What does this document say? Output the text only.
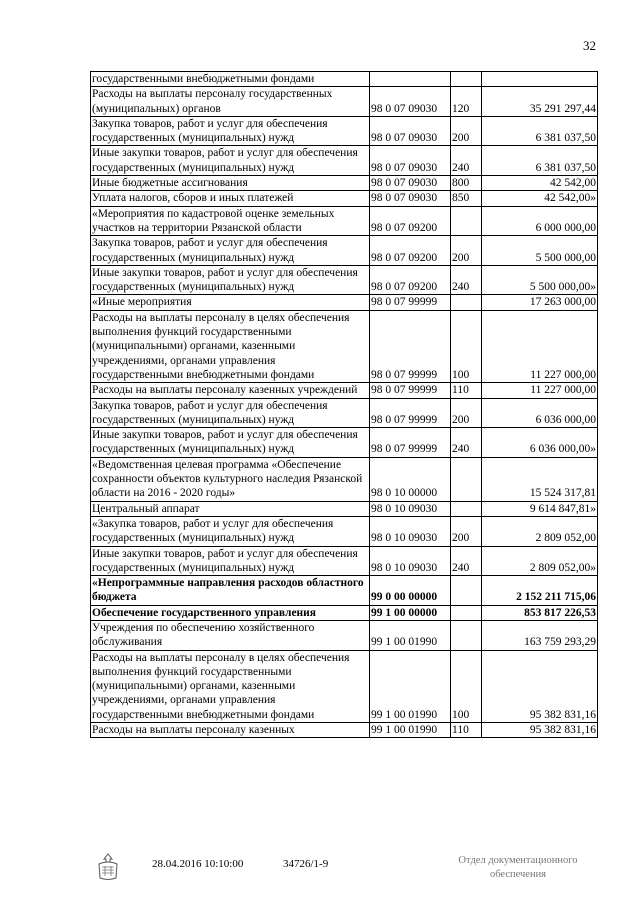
32
государственными внебюджетными фондами			
Расходы на выплаты персоналу государственных (муниципальных) органов	98 0 07 09030	120	35 291 297,44
Закупка товаров, работ и услуг для обеспечения государственных (муниципальных) нужд	98 0 07 09030	200	6 381 037,50
Иные закупки товаров, работ и услуг для обеспечения государственных (муниципальных) нужд	98 0 07 09030	240	6 381 037,50
Иные бюджетные ассигнования	98 0 07 09030	800	42 542,00
Уплата налогов, сборов и иных платежей	98 0 07 09030	850	42 542,00»
«Мероприятия по кадастровой оценке земельных участков на территории Рязанской области	98 0 07 09200		6 000 000,00
Закупка товаров, работ и услуг для обеспечения государственных (муниципальных) нужд	98 0 07 09200	200	5 500 000,00
Иные закупки товаров, работ и услуг для обеспечения государственных (муниципальных) нужд	98 0 07 09200	240	5 500 000,00»
«Иные мероприятия	98 0 07 99999		17 263 000,00
Расходы на выплаты персоналу в целях обеспечения выполнения функций государственными (муниципальными) органами, казенными учреждениями, органами управления государственными внебюджетными фондами	98 0 07 99999	100	11 227 000,00
Расходы на выплаты персоналу казенных учреждений	98 0 07 99999	110	11 227 000,00
Закупка товаров, работ и услуг для обеспечения государственных (муниципальных) нужд	98 0 07 99999	200	6 036 000,00
Иные закупки товаров, работ и услуг для обеспечения государственных (муниципальных) нужд	98 0 07 99999	240	6 036 000,00»
«Ведомственная целевая программа «Обеспечение сохранности объектов культурного наследия Рязанской области на 2016 - 2020 годы»	98 0 10 00000		15 524 317,81
Центральный аппарат	98 0 10 09030		9 614 847,81»
«Закупка товаров, работ и услуг для обеспечения государственных (муниципальных) нужд	98 0 10 09030	200	2 809 052,00
Иные закупки товаров, работ и услуг для обеспечения государственных (муниципальных) нужд	98 0 10 09030	240	2 809 052,00»
«Непрограммные направления расходов областного бюджета	99 0 00 00000		2 152 211 715,06
Обеспечение государственного управления	99 1 00 00000		853 817 226,53
Учреждения по обеспечению хозяйственного обслуживания	99 1 00 01990		163 759 293,29
Расходы на выплаты персоналу в целях обеспечения выполнения функций государственными (муниципальными) органами, казенными учреждениями, органами управления государственными внебюджетными фондами	99 1 00 01990	100	95 382 831,16
Расходы на выплаты персоналу казенных	99 1 00 01990	110	95 382 831,16
28.04.2016 10:10:00	34726/1-9	Отдел документационного
обеспечения
